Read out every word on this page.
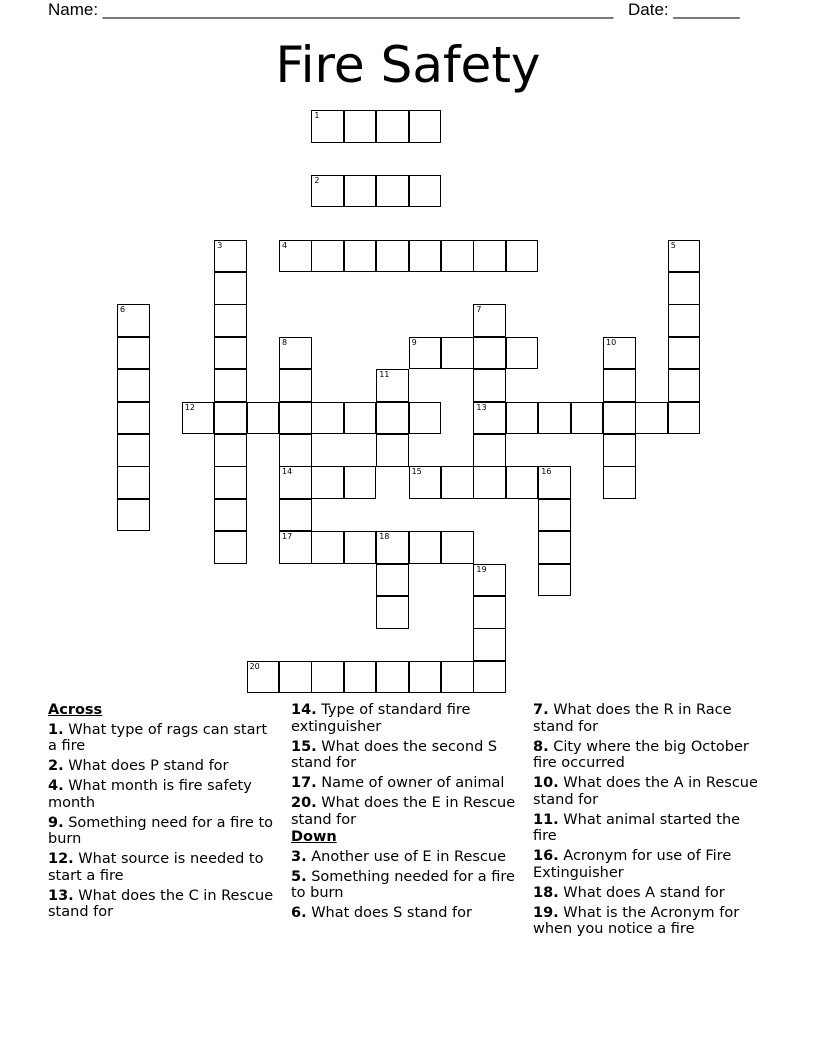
Name: ______________________________________________________ Date: _______
Fire Safety
1
2
3	4	5
6	7
8	9	10
11
12	13
14	15	16
17	18
19
20
Across
1. What type of rags can start a fire
2. What does P stand for
4. What month is fire safety month
9. Something need for a fire to burn
12. What source is needed to start a fire
13. What does the C in Rescue stand for
14. Type of standard fire extinguisher
15. What does the second S stand for
17. Name of owner of animal
20. What does the E in Rescue stand for
Down
3. Another use of E in Rescue
5. Something needed for a fire to burn
6. What does S stand for
7. What does the R in Race stand for
8. City where the big October fire occurred
10. What does the A in Rescue stand for
11. What animal started the fire
16. Acronym for use of Fire Extinguisher
18. What does A stand for
19. What is the Acronym for when you notice a fire
